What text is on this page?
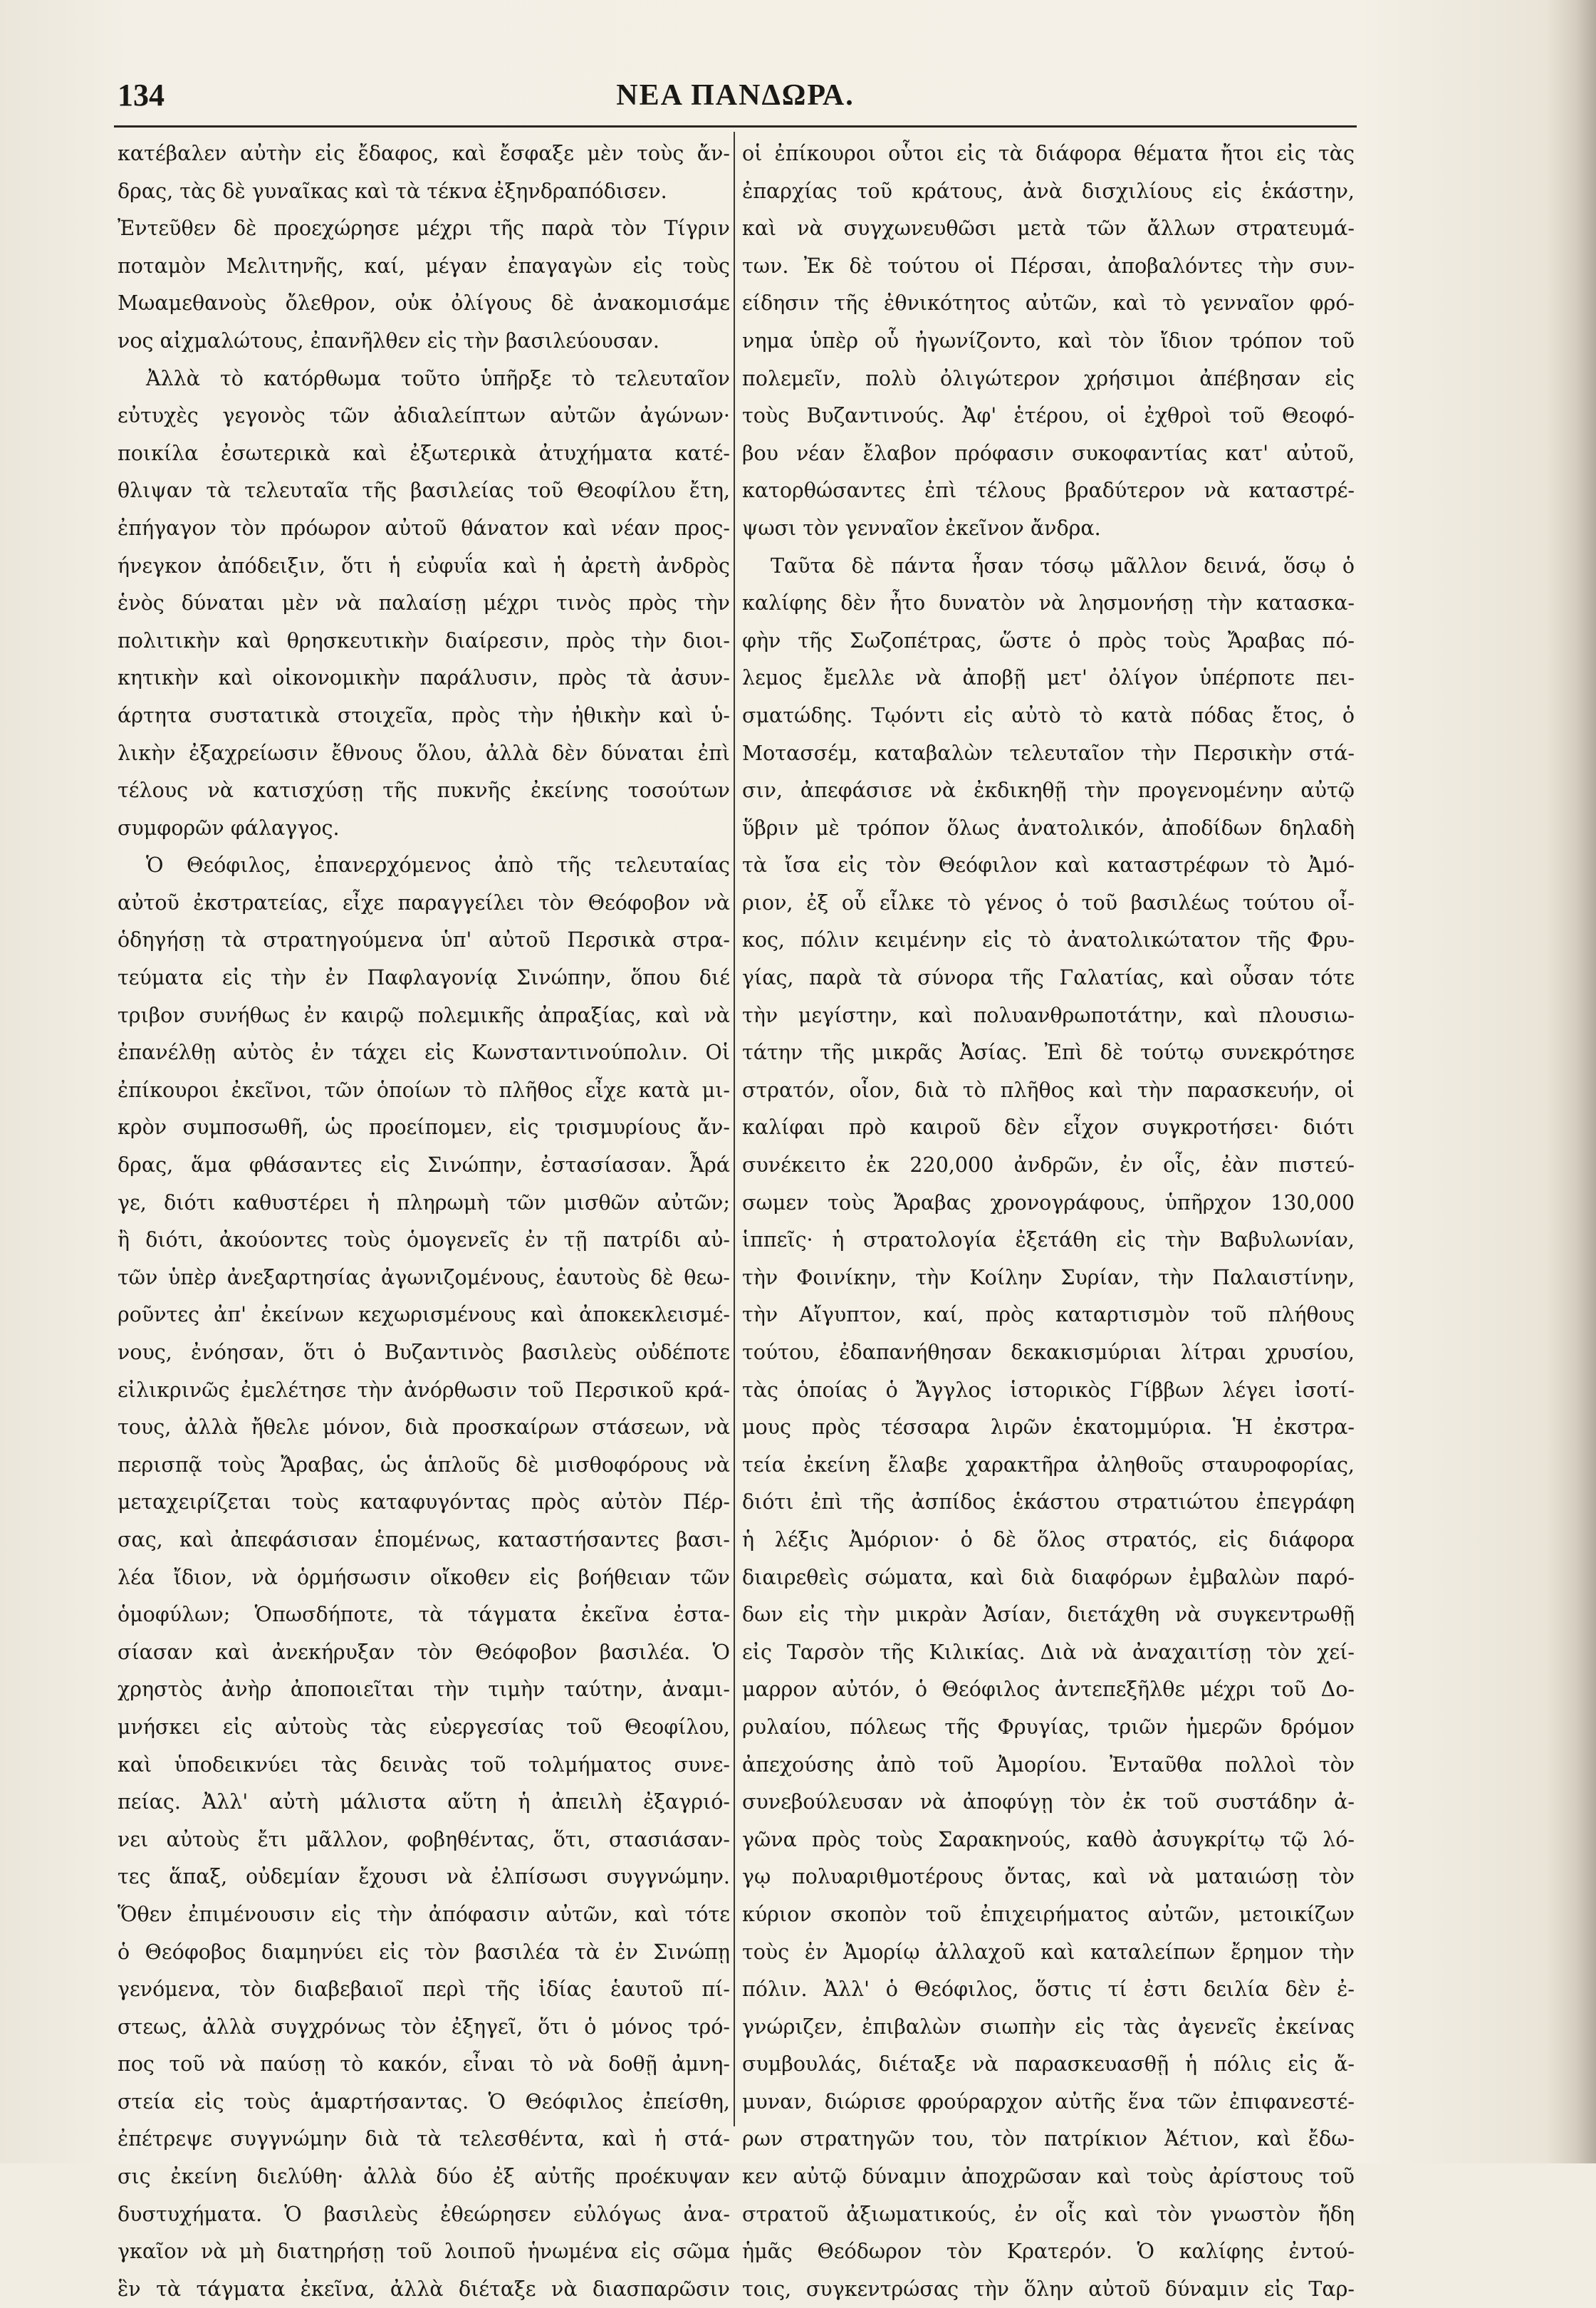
134	ΝΕΑ ΠΑΝΔΩΡΑ.
κατέβαλεν αὐτὴν εἰς ἔδαφος, καὶ ἔσφαξε μὲν τοὺς ἄν-
δρας, τὰς δὲ γυναῖκας καὶ τὰ τέκνα ἐξηνδραπόδισεν.
Ἐντεῦθεν δὲ προεχώρησε μέχρι τῆς παρὰ τὸν Τίγριν
ποταμὸν Μελιτηνῆς, καί, μέγαν ἐπαγαγὼν εἰς τοὺς
Μωαμεθανοὺς ὄλεθρον, οὐκ ὀλίγους δὲ ἀνακομισάμε
νος αἰχμαλώτους, ἐπανῆλθεν εἰς τὴν βασιλεύουσαν.
Ἀλλὰ τὸ κατόρθωμα τοῦτο ὑπῆρξε τὸ τελευταῖον
εὐτυχὲς γεγονὸς τῶν ἀδιαλείπτων αὐτῶν ἀγώνων·
ποικίλα ἐσωτερικὰ καὶ ἐξωτερικὰ ἀτυχήματα κατέ-
θλιψαν τὰ τελευταῖα τῆς βασιλείας τοῦ Θεοφίλου ἔτη,
ἐπήγαγον τὸν πρόωρον αὐτοῦ θάνατον καὶ νέαν προς-
ήνεγκον ἀπόδειξιν, ὅτι ἡ εὐφυΐα καὶ ἡ ἀρετὴ ἀνδρὸς
ἑνὸς δύναται μὲν νὰ παλαίσῃ μέχρι τινὸς πρὸς τὴν
πολιτικὴν καὶ θρησκευτικὴν διαίρεσιν, πρὸς τὴν διοι-
κητικὴν καὶ οἰκονομικὴν παράλυσιν, πρὸς τὰ ἀσυν-
άρτητα συστατικὰ στοιχεῖα, πρὸς τὴν ἠθικὴν καὶ ὑ-
λικὴν ἐξαχρείωσιν ἔθνους ὅλου, ἀλλὰ δὲν δύναται ἐπὶ
τέλους νὰ κατισχύσῃ τῆς πυκνῆς ἐκείνης τοσούτων
συμφορῶν φάλαγγος.
Ὁ Θεόφιλος, ἐπανερχόμενος ἀπὸ τῆς τελευταίας
αὐτοῦ ἐκστρατείας, εἶχε παραγγείλει τὸν Θεόφοβον νὰ
ὁδηγήσῃ τὰ στρατηγούμενα ὑπ' αὐτοῦ Περσικὰ στρα-
τεύματα εἰς τὴν ἐν Παφλαγονίᾳ Σινώπην, ὅπου διέ
τριβον συνήθως ἐν καιρῷ πολεμικῆς ἀπραξίας, καὶ νὰ
ἐπανέλθῃ αὐτὸς ἐν τάχει εἰς Κωνσταντινούπολιν. Οἱ
ἐπίκουροι ἐκεῖνοι, τῶν ὁποίων τὸ πλῆθος εἶχε κατὰ μι-
κρὸν συμποσωθῆ, ὡς προείπομεν, εἰς τρισμυρίους ἄν-
δρας, ἅμα φθάσαντες εἰς Σινώπην, ἐστασίασαν. Ἆρά
γε, διότι καθυστέρει ἡ πληρωμὴ τῶν μισθῶν αὐτῶν;
ἢ διότι, ἀκούοντες τοὺς ὁμογενεῖς ἐν τῇ πατρίδι αὐ-
τῶν ὑπὲρ ἀνεξαρτησίας ἀγωνιζομένους, ἑαυτοὺς δὲ θεω-
ροῦντες ἀπ' ἐκείνων κεχωρισμένους καὶ ἀποκεκλεισμέ-
νους, ἐνόησαν, ὅτι ὁ Βυζαντινὸς βασιλεὺς οὐδέποτε
εἰλικρινῶς ἐμελέτησε τὴν ἀνόρθωσιν τοῦ Περσικοῦ κρά-
τους, ἀλλὰ ἤθελε μόνον, διὰ προσκαίρων στάσεων, νὰ
περισπᾷ τοὺς Ἄραβας, ὡς ἁπλοῦς δὲ μισθοφόρους νὰ
μεταχειρίζεται τοὺς καταφυγόντας πρὸς αὐτὸν Πέρ-
σας, καὶ ἀπεφάσισαν ἑπομένως, καταστήσαντες βασι-
λέα ἴδιον, νὰ ὁρμήσωσιν οἴκοθεν εἰς βοήθειαν τῶν
ὁμοφύλων; Ὁπωσδήποτε, τὰ τάγματα ἐκεῖνα ἐστα-
σίασαν καὶ ἀνεκήρυξαν τὸν Θεόφοβον βασιλέα. Ὁ
χρηστὸς ἀνὴρ ἀποποιεῖται τὴν τιμὴν ταύτην, ἀναμι-
μνήσκει εἰς αὐτοὺς τὰς εὐεργεσίας τοῦ Θεοφίλου,
καὶ ὑποδεικνύει τὰς δεινὰς τοῦ τολμήματος συνε-
πείας. Ἀλλ' αὐτὴ μάλιστα αὕτη ἡ ἀπειλὴ ἐξαγριό-
νει αὐτοὺς ἔτι μᾶλλον, φοβηθέντας, ὅτι, στασιάσαν-
τες ἅπαξ, οὐδεμίαν ἔχουσι νὰ ἐλπίσωσι συγγνώμην.
Ὅθεν ἐπιμένουσιν εἰς τὴν ἀπόφασιν αὐτῶν, καὶ τότε
ὁ Θεόφοβος διαμηνύει εἰς τὸν βασιλέα τὰ ἐν Σινώπῃ
γενόμενα, τὸν διαβεβαιοῖ περὶ τῆς ἰδίας ἑαυτοῦ πί-
στεως, ἀλλὰ συγχρόνως τὸν ἐξηγεῖ, ὅτι ὁ μόνος τρό-
πος τοῦ νὰ παύσῃ τὸ κακόν, εἶναι τὸ νὰ δοθῇ ἀμνη-
στεία εἰς τοὺς ἁμαρτήσαντας. Ὁ Θεόφιλος ἐπείσθη,
ἐπέτρεψε συγγνώμην διὰ τὰ τελεσθέντα, καὶ ἡ στά-
σις ἐκείνη διελύθη· ἀλλὰ δύο ἐξ αὐτῆς προέκυψαν
δυστυχήματα. Ὁ βασιλεὺς ἐθεώρησεν εὐλόγως ἀνα-
γκαῖον νὰ μὴ διατηρήσῃ τοῦ λοιποῦ ἡνωμένα εἰς σῶμα
ἓν τὰ τάγματα ἐκεῖνα, ἀλλὰ διέταξε νὰ διασπαρῶσιν
οἱ ἐπίκουροι οὗτοι εἰς τὰ διάφορα θέματα ἤτοι εἰς τὰς
ἐπαρχίας τοῦ κράτους, ἀνὰ δισχιλίους εἰς ἑκάστην,
καὶ νὰ συγχωνευθῶσι μετὰ τῶν ἄλλων στρατευμά-
των. Ἐκ δὲ τούτου οἱ Πέρσαι, ἀποβαλόντες τὴν συν-
είδησιν τῆς ἐθνικότητος αὐτῶν, καὶ τὸ γενναῖον φρό-
νημα ὑπὲρ οὗ ἠγωνίζοντο, καὶ τὸν ἴδιον τρόπον τοῦ
πολεμεῖν, πολὺ ὀλιγώτερον χρήσιμοι ἀπέβησαν εἰς
τοὺς Βυζαντινούς. Ἀφ' ἑτέρου, οἱ ἐχθροὶ τοῦ Θεοφό-
βου νέαν ἔλαβον πρόφασιν συκοφαντίας κατ' αὐτοῦ,
κατορθώσαντες ἐπὶ τέλους βραδύτερον νὰ καταστρέ-
ψωσι τὸν γενναῖον ἐκεῖνον ἄνδρα.
Ταῦτα δὲ πάντα ἦσαν τόσῳ μᾶλλον δεινά, ὅσῳ ὁ
καλίφης δὲν ἦτο δυνατὸν νὰ λησμονήσῃ τὴν κατασκα-
φὴν τῆς Σωζοπέτρας, ὥστε ὁ πρὸς τοὺς Ἄραβας πό-
λεμος ἔμελλε νὰ ἀποβῇ μετ' ὀλίγον ὑπέρποτε πει-
σματώδης. Τῳόντι εἰς αὐτὸ τὸ κατὰ πόδας ἔτος, ὁ
Μοτασσέμ, καταβαλὼν τελευταῖον τὴν Περσικὴν στά-
σιν, ἀπεφάσισε νὰ ἐκδικηθῇ τὴν προγενομένην αὐτῷ
ὕβριν μὲ τρόπον ὅλως ἀνατολικόν, ἀποδίδων δηλαδὴ
τὰ ἴσα εἰς τὸν Θεόφιλον καὶ καταστρέφων τὸ Ἀμό-
ριον, ἐξ οὗ εἷλκε τὸ γένος ὁ τοῦ βασιλέως τούτου οἶ-
κος, πόλιν κειμένην εἰς τὸ ἀνατολικώτατον τῆς Φρυ-
γίας, παρὰ τὰ σύνορα τῆς Γαλατίας, καὶ οὖσαν τότε
τὴν μεγίστην, καὶ πολυανθρωποτάτην, καὶ πλουσιω-
τάτην τῆς μικρᾶς Ἀσίας. Ἐπὶ δὲ τούτῳ συνεκρότησε
στρατόν, οἷον, διὰ τὸ πλῆθος καὶ τὴν παρασκευήν, οἱ
καλίφαι πρὸ καιροῦ δὲν εἶχον συγκροτήσει· διότι
συνέκειτο ἐκ 220,000 ἀνδρῶν, ἐν οἷς, ἐὰν πιστεύ-
σωμεν τοὺς Ἄραβας χρονογράφους, ὑπῆρχον 130,000
ἱππεῖς· ἡ στρατολογία ἐξετάθη εἰς τὴν Βαβυλωνίαν,
τὴν Φοινίκην, τὴν Κοίλην Συρίαν, τὴν Παλαιστίνην,
τὴν Αἴγυπτον, καί, πρὸς καταρτισμὸν τοῦ πλήθους
τούτου, ἐδαπανήθησαν δεκακισμύριαι λίτραι χρυσίου,
τὰς ὁποίας ὁ Ἄγγλος ἱστορικὸς Γίββων λέγει ἰσοτί-
μους πρὸς τέσσαρα λιρῶν ἑκατομμύρια. Ἡ ἐκστρα-
τεία ἐκείνη ἔλαβε χαρακτῆρα ἀληθοῦς σταυροφορίας,
διότι ἐπὶ τῆς ἀσπίδος ἑκάστου στρατιώτου ἐπεγράφη
ἡ λέξις Ἀμόριον· ὁ δὲ ὅλος στρατός, εἰς διάφορα
διαιρεθεὶς σώματα, καὶ διὰ διαφόρων ἐμβαλὼν παρό-
δων εἰς τὴν μικρὰν Ἀσίαν, διετάχθη νὰ συγκεντρωθῇ
εἰς Ταρσὸν τῆς Κιλικίας. Διὰ νὰ ἀναχαιτίσῃ τὸν χεί-
μαρρον αὐτόν, ὁ Θεόφιλος ἀντεπεξῆλθε μέχρι τοῦ Δο-
ρυλαίου, πόλεως τῆς Φρυγίας, τριῶν ἡμερῶν δρόμον
ἀπεχούσης ἀπὸ τοῦ Ἀμορίου. Ἐνταῦθα πολλοὶ τὸν
συνεβούλευσαν νὰ ἀποφύγῃ τὸν ἐκ τοῦ συστάδην ἀ-
γῶνα πρὸς τοὺς Σαρακηνούς, καθὸ ἀσυγκρίτῳ τῷ λό-
γῳ πολυαριθμοτέρους ὄντας, καὶ νὰ ματαιώσῃ τὸν
κύριον σκοπὸν τοῦ ἐπιχειρήματος αὐτῶν, μετοικίζων
τοὺς ἐν Ἀμορίῳ ἀλλαχοῦ καὶ καταλείπων ἔρημον τὴν
πόλιν. Ἀλλ' ὁ Θεόφιλος, ὅστις τί ἐστι δειλία δὲν ἐ-
γνώριζεν, ἐπιβαλὼν σιωπὴν εἰς τὰς ἀγενεῖς ἐκείνας
συμβουλάς, διέταξε νὰ παρασκευασθῇ ἡ πόλις εἰς ἄ-
μυναν, διώρισε φρούραρχον αὐτῆς ἕνα τῶν ἐπιφανεστέ-
ρων στρατηγῶν του, τὸν πατρίκιον Ἀέτιον, καὶ ἔδω-
κεν αὐτῷ δύναμιν ἀποχρῶσαν καὶ τοὺς ἀρίστους τοῦ
στρατοῦ ἀξιωματικούς, ἐν οἷς καὶ τὸν γνωστὸν ἤδη
ἡμᾶς Θεόδωρον τὸν Κρατερόν. Ὁ καλίφης ἐντού-
τοις, συγκεντρώσας τὴν ὅλην αὐτοῦ δύναμιν εἰς Ταρ-
